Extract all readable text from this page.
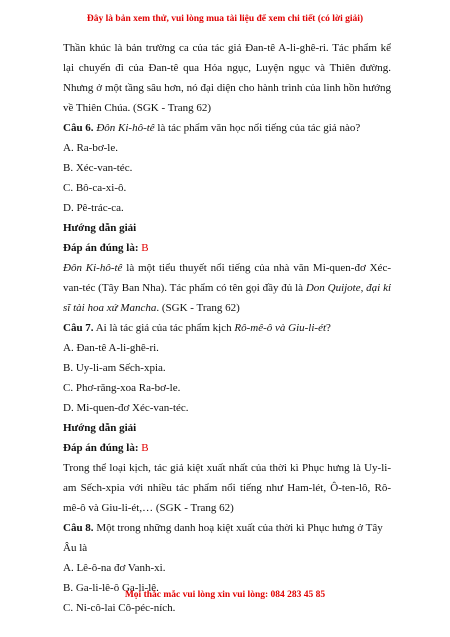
Đây là bản xem thử, vui lòng mua tài liệu để xem chi tiết (có lời giải)

Thần khúc là bản trường ca của tác giả Đan-tê A-li-ghê-ri. Tác phẩm kể lại chuyến đi của Đan-tê qua Hỏa ngục, Luyện ngục và Thiên đường. Nhưng ở một tầng sâu hơn, nó đại diện cho hành trình của linh hồn hướng về Thiên Chúa. (SGK - Trang 62)

Câu 6. Đôn Ki-hô-tê là tác phẩm văn học nổi tiếng của tác giả nào?

A. Ra-bơ-le.

B. Xéc-van-téc.

C. Bô-ca-xi-ô.

D. Pê-trác-ca.

Hướng dẫn giải

Đáp án đúng là: B

Đôn Ki-hô-tê là một tiểu thuyết nổi tiếng của nhà văn Mi-quen-đơ Xéc-van-téc (Tây Ban Nha). Tác phẩm có tên gọi đầy đủ là Don Quijote, đại kỉ sĩ tài hoa xứ Mancha. (SGK - Trang 62)

Câu 7. Ai là tác giả của tác phẩm kịch Rô-mê-ô và Giu-li-ét?

A. Đan-tê A-li-ghê-ri.

B. Uy-li-am Sếch-xpia.

C. Phơ-răng-xoa Ra-bơ-le.

D. Mi-quen-đơ Xéc-van-téc.

Hướng dẫn giải

Đáp án đúng là: B

Trong thể loại kịch, tác giả kiệt xuất nhất của thời kì Phục hưng là Uy-li-am Sếch-xpia với nhiều tác phẩm nổi tiếng như Ham-lét, Ô-ten-lô, Rô-mê-ô và Giu-li-ét,… (SGK - Trang 62)

Câu 8. Một trong những danh hoạ kiệt xuất của thời kì Phục hưng ở Tây Âu là

A. Lê-ô-na đơ Vanh-xi.

B. Ga-li-lê-ô Ga-li-lê.

C. Ni-cô-lai Cô-péc-ních.

Mọi thắc mắc vui lòng xin vui lòng: 084 283 45 85
